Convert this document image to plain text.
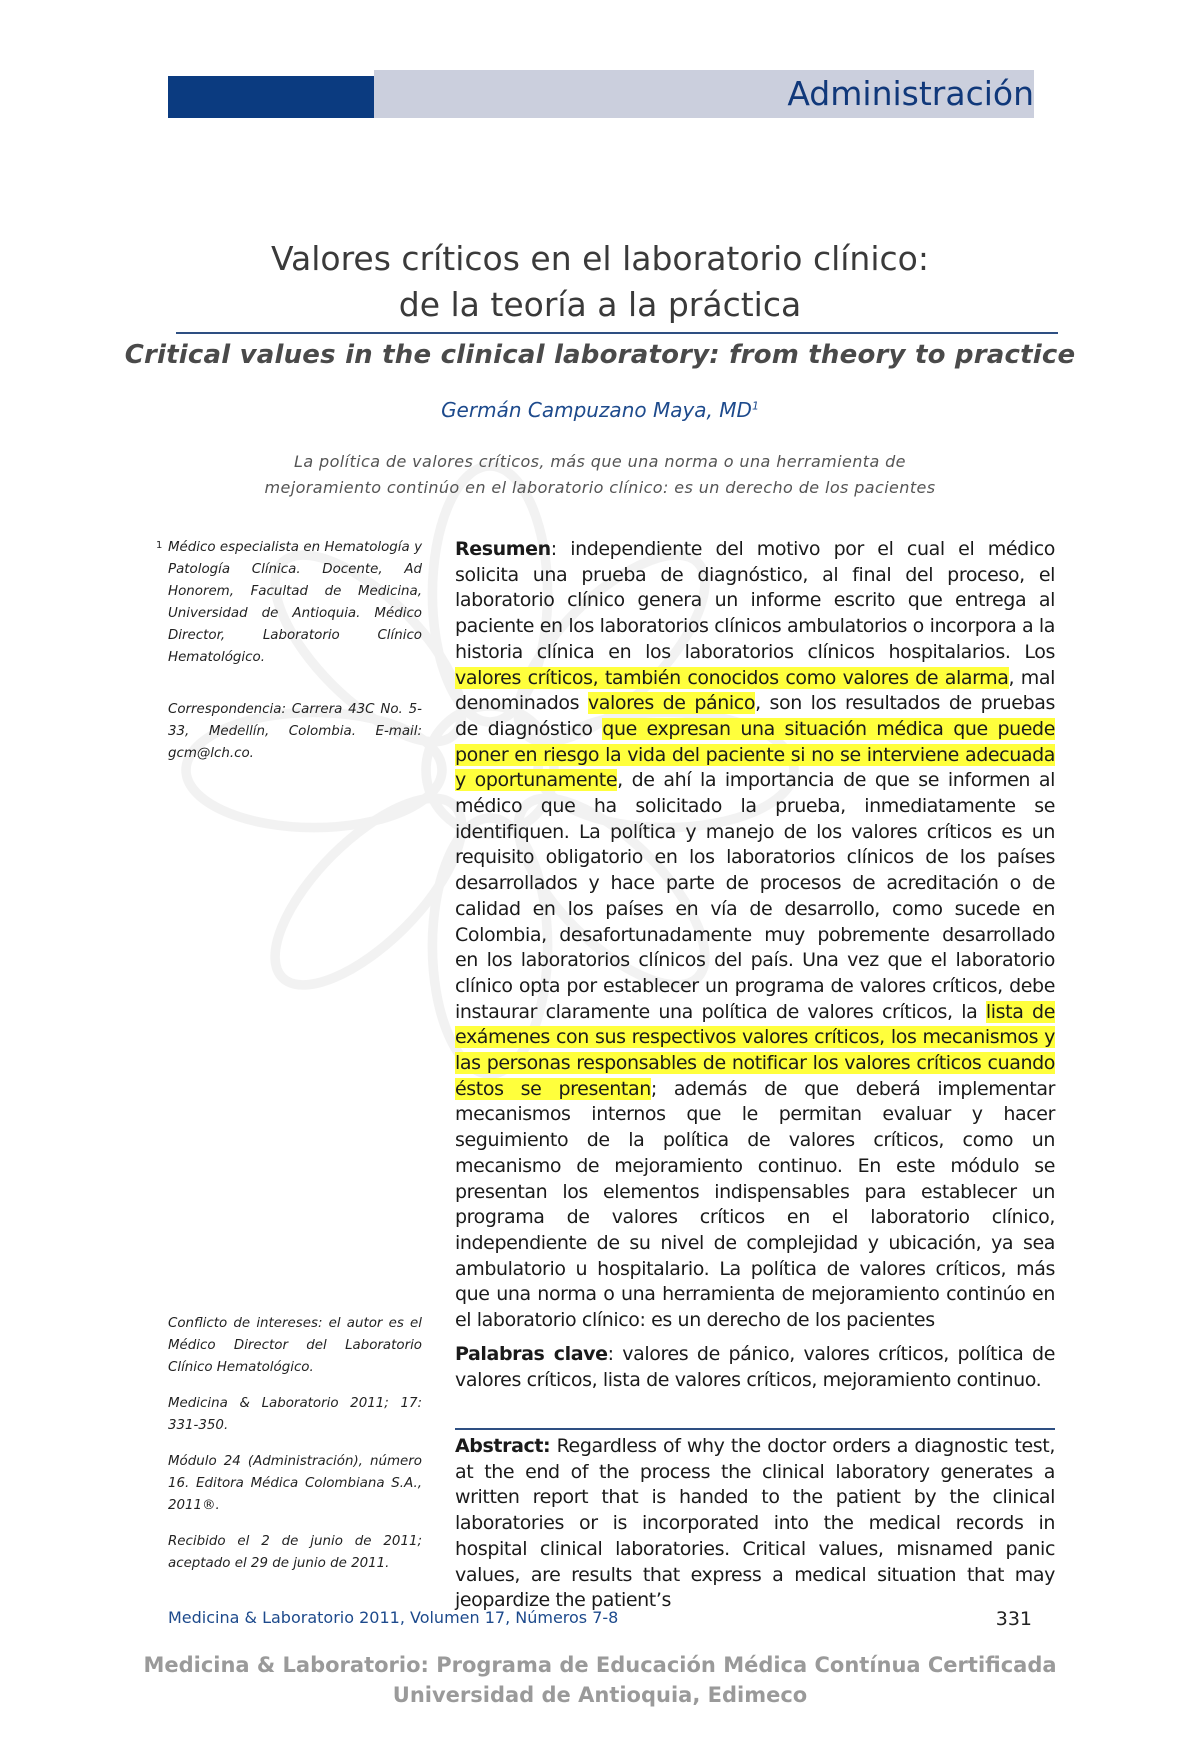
Administración
Valores críticos en el laboratorio clínico:
de la teoría a la práctica
Critical values in the clinical laboratory: from theory to practice
Germán Campuzano Maya, $MD^1$
La política de valores críticos, más que una norma o una herramienta de
mejoramiento continúo en el laboratorio clínico: es un derecho de los pacientes
1 Médico especialista en Hematología y Patología Clínica. Docente, Ad Honorem, Facultad de Medicina, Universidad de Antioquia. Médico Director, Laboratorio Clínico Hematológico.

Correspondencia: Carrera 43C No. 5-33, Medellín, Colombia. E-mail: gcm@lch.co.

Conflicto de intereses: el autor es el Médico Director del Laboratorio Clínico Hematológico.

Medicina & Laboratorio 2011; 17: 331-350.

Módulo 24 (Administración), número 16. Editora Médica Colombiana S.A., 2011®.

Recibido el 2 de junio de 2011; aceptado el 29 de junio de 2011.

Resumen: independiente del motivo por el cual el médico solicita una prueba de diagnóstico, al final del proceso, el laboratorio clínico genera un informe escrito que entrega al paciente en los laboratorios clínicos ambulatorios o incorpora a la historia clínica en los laboratorios clínicos hospitalarios. Los valores críticos, también conocidos como valores de alarma, mal denominados valores de pánico, son los resultados de pruebas de diagnóstico que expresan una situación médica que puede poner en riesgo la vida del paciente si no se interviene adecuada y oportunamente, de ahí la importancia de que se informen al médico que ha solicitado la prueba, inmediatamente se identifiquen. La política y manejo de los valores críticos es un requisito obligatorio en los laboratorios clínicos de los países desarrollados y hace parte de procesos de acreditación o de calidad en los países en vía de desarrollo, como sucede en Colombia, desafortunadamente muy pobremente desarrollado en los laboratorios clínicos del país. Una vez que el laboratorio clínico opta por establecer un programa de valores críticos, debe instaurar claramente una política de valores críticos, la lista de exámenes con sus respectivos valores críticos, los mecanismos y las personas responsables de notificar los valores críticos cuando éstos se presentan; además de que deberá implementar mecanismos internos que le permitan evaluar y hacer seguimiento de la política de valores críticos, como un mecanismo de mejoramiento continuo. En este módulo se presentan los elementos indispensables para establecer un programa de valores críticos en el laboratorio clínico, independiente de su nivel de complejidad y ubicación, ya sea ambulatorio u hospitalario. La política de valores críticos, más que una norma o una herramienta de mejoramiento continúo en el laboratorio clínico: es un derecho de los pacientes

Palabras clave: valores de pánico, valores críticos, política de valores críticos, lista de valores críticos, mejoramiento continuo.

Abstract: Regardless of why the doctor orders a diagnostic test, at the end of the process the clinical laboratory generates a written report that is handed to the patient by the clinical laboratories or is incorporated into the medical records in hospital clinical laboratories. Critical values, misnamed panic values, are results that express a medical situation that may jeopardize the patient’s

Medicina & Laboratorio 2011, Volumen 17, Números 7-8	331
Medicina & Laboratorio: Programa de Educación Médica Contínua Certificada
Universidad de Antioquia, Edimeco
